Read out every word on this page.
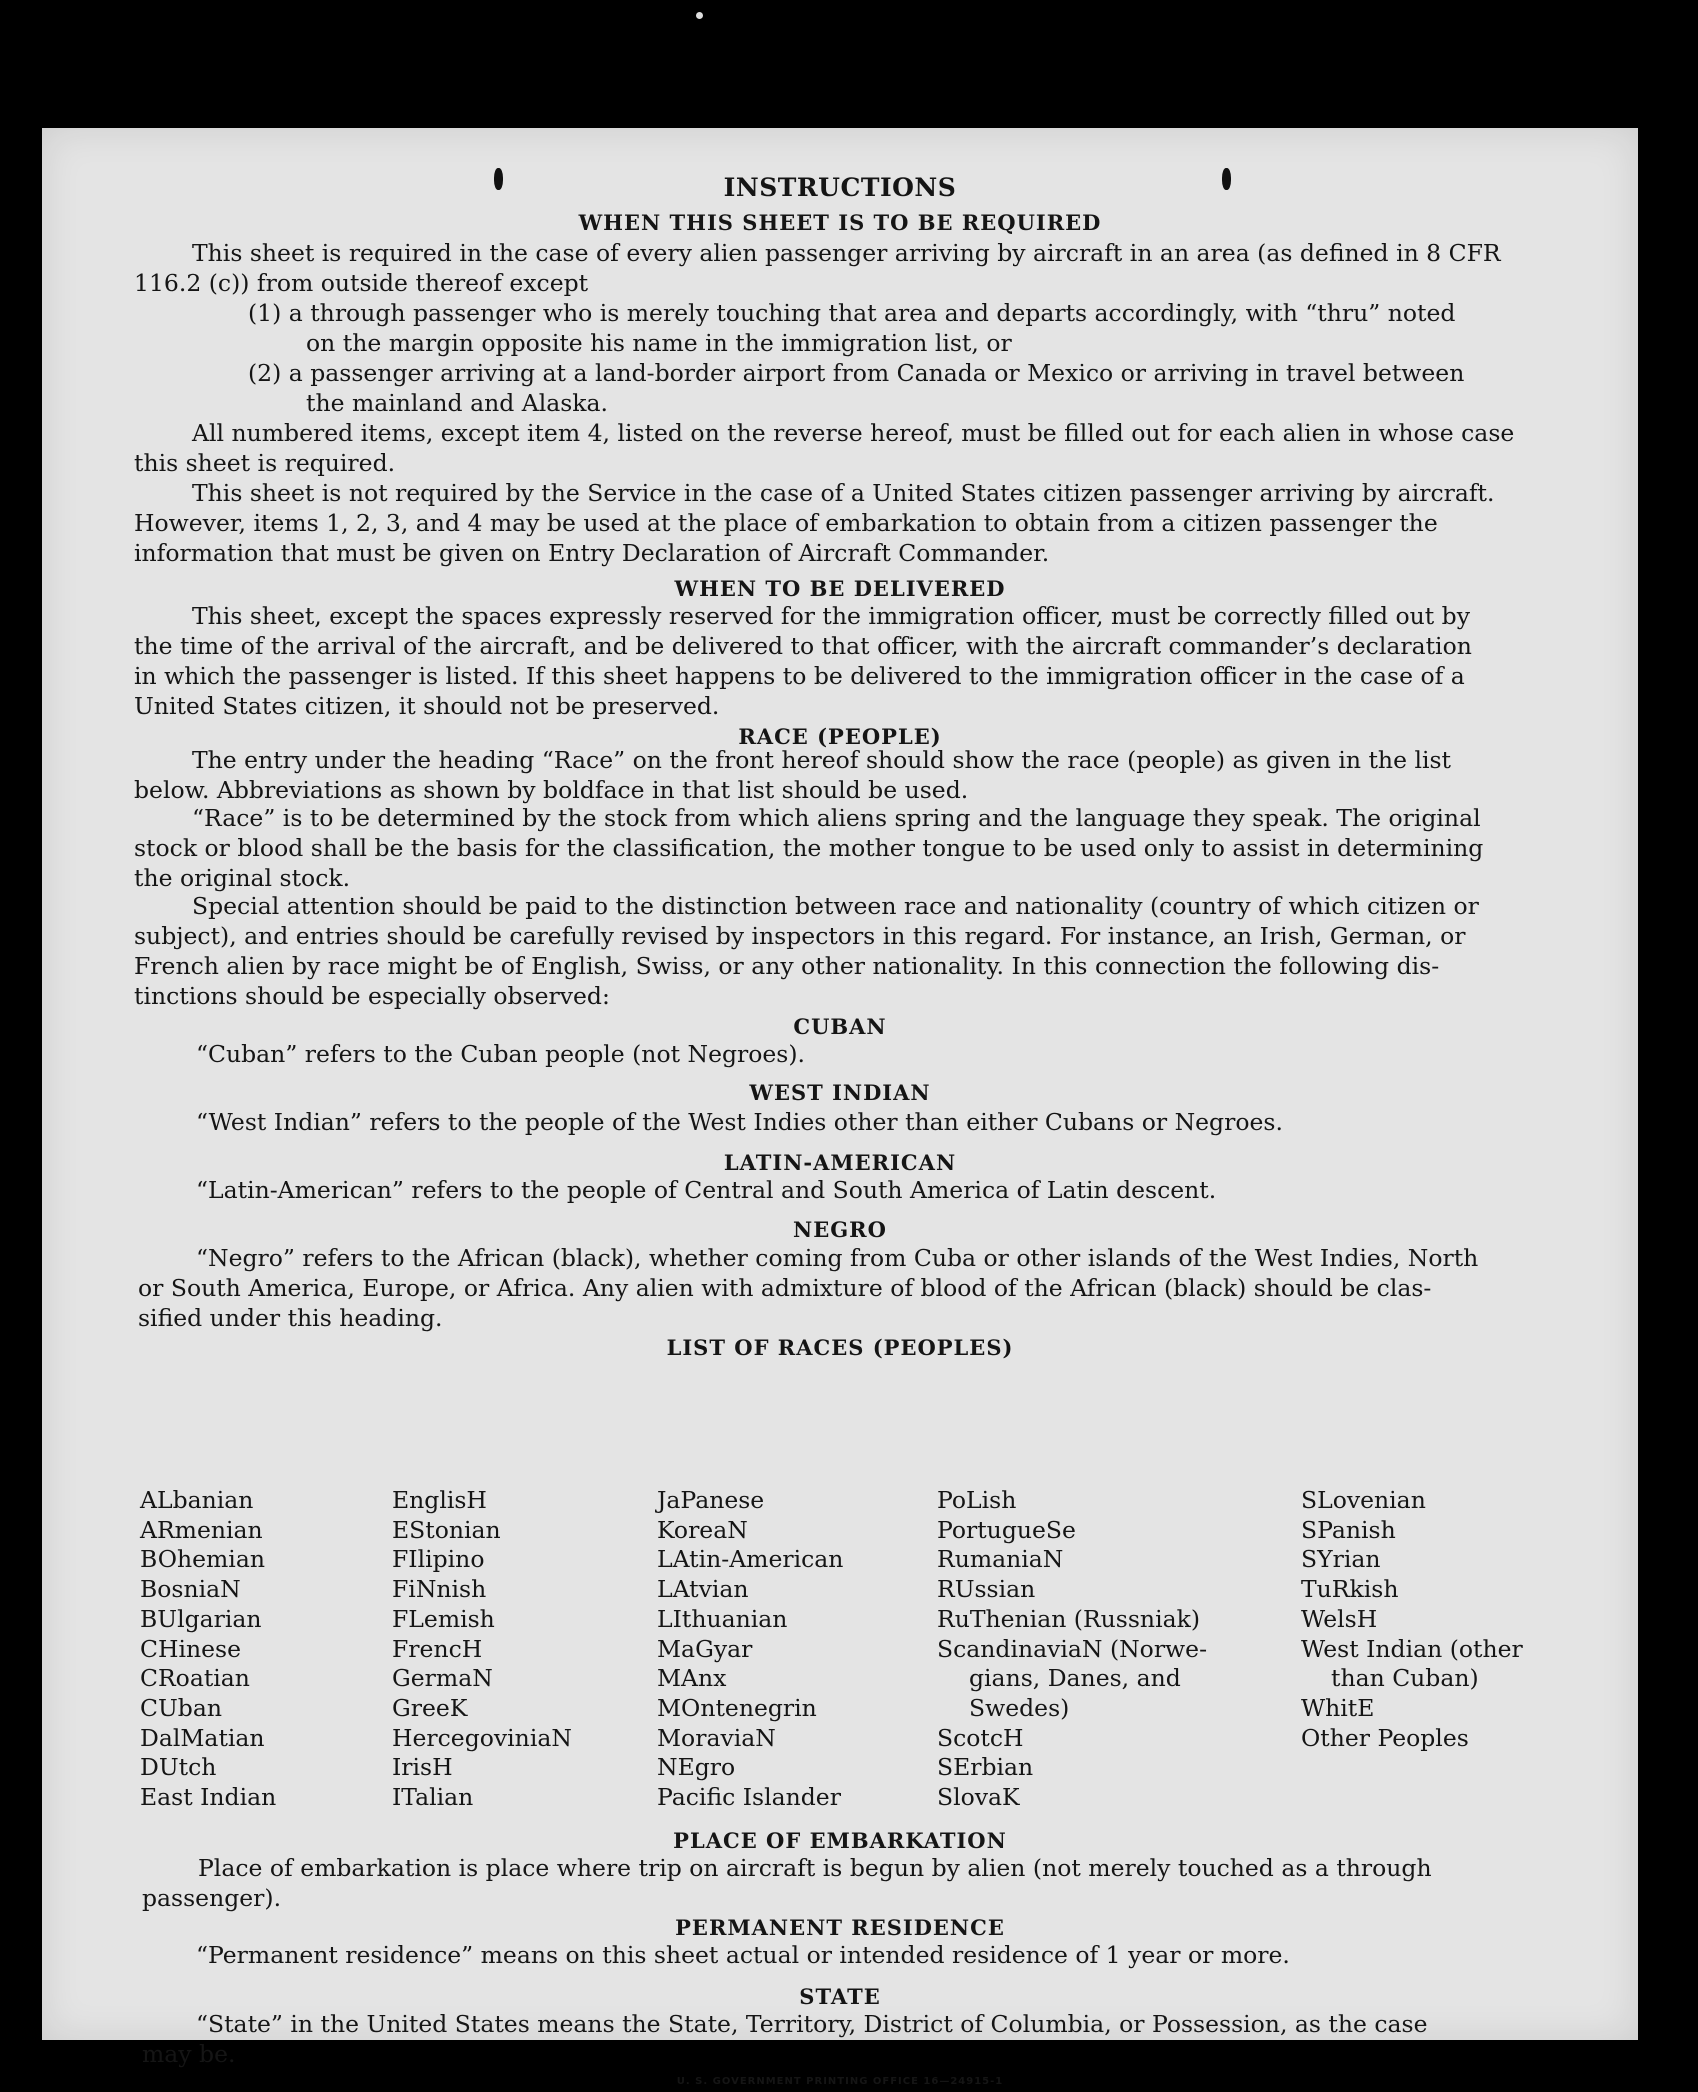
INSTRUCTIONS
WHEN THIS SHEET IS TO BE REQUIRED
This sheet is required in the case of every alien passenger arriving by aircraft in an area (as defined in 8 CFR
116.2 (c)) from outside thereof except
(1) a through passenger who is merely touching that area and departs accordingly, with “thru” noted
on the margin opposite his name in the immigration list, or
(2) a passenger arriving at a land-border airport from Canada or Mexico or arriving in travel between
the mainland and Alaska.
All numbered items, except item 4, listed on the reverse hereof, must be filled out for each alien in whose case
this sheet is required.
This sheet is not required by the Service in the case of a United States citizen passenger arriving by aircraft.
However, items 1, 2, 3, and 4 may be used at the place of embarkation to obtain from a citizen passenger the
information that must be given on Entry Declaration of Aircraft Commander.
WHEN TO BE DELIVERED
This sheet, except the spaces expressly reserved for the immigration officer, must be correctly filled out by
the time of the arrival of the aircraft, and be delivered to that officer, with the aircraft commander’s declaration
in which the passenger is listed. If this sheet happens to be delivered to the immigration officer in the case of a
United States citizen, it should not be preserved.
RACE (PEOPLE)
The entry under the heading “Race” on the front hereof should show the race (people) as given in the list
below. Abbreviations as shown by boldface in that list should be used.
“Race” is to be determined by the stock from which aliens spring and the language they speak. The original
stock or blood shall be the basis for the classification, the mother tongue to be used only to assist in determining
the original stock.
Special attention should be paid to the distinction between race and nationality (country of which citizen or
subject), and entries should be carefully revised by inspectors in this regard. For instance, an Irish, German, or
French alien by race might be of English, Swiss, or any other nationality. In this connection the following dis-
tinctions should be especially observed:
CUBAN
“Cuban” refers to the Cuban people (not Negroes).
WEST INDIAN
“West Indian” refers to the people of the West Indies other than either Cubans or Negroes.
LATIN-AMERICAN
“Latin-American” refers to the people of Central and South America of Latin descent.
NEGRO
“Negro” refers to the African (black), whether coming from Cuba or other islands of the West Indies, North
or South America, Europe, or Africa. Any alien with admixture of blood of the African (black) should be clas-
sified under this heading.
LIST OF RACES (PEOPLES)
ALbanian
ARmenian
BOhemian
BosniaN
BUlgarian
CHinese
CRoatian
CUban
DalMatian
DUtch
East Indian
EnglisH
EStonian
FIlipino
FiNnish
FLemish
FrencH
GermaN
GreeK
HercegovinіaN
IrisH
ITalian
JaPanese
KoreaN
LAtin-American
LAtvian
LIthuanian
MaGyar
MAnx
MOntenegrin
MoraviaN
NEgro
Pacific Islander
PoLish
PortugueSe
RumaniaN
RUssian
RuThenian (Russniak)
ScandinaviaN (Norwe-
gians, Danes, and
Swedes)
ScotcH
SErbian
SlovaK
SLovenian
SPanish
SYrian
TuRkish
WelsH
West Indian (other
than Cuban)
WhitE
Other Peoples
PLACE OF EMBARKATION
Place of embarkation is place where trip on aircraft is begun by alien (not merely touched as a through
passenger).
PERMANENT RESIDENCE
“Permanent residence” means on this sheet actual or intended residence of 1 year or more.
STATE
“State” in the United States means the State, Territory, District of Columbia, or Possession, as the case
may be.
U. S. GOVERNMENT PRINTING OFFICE 16—24915-1
